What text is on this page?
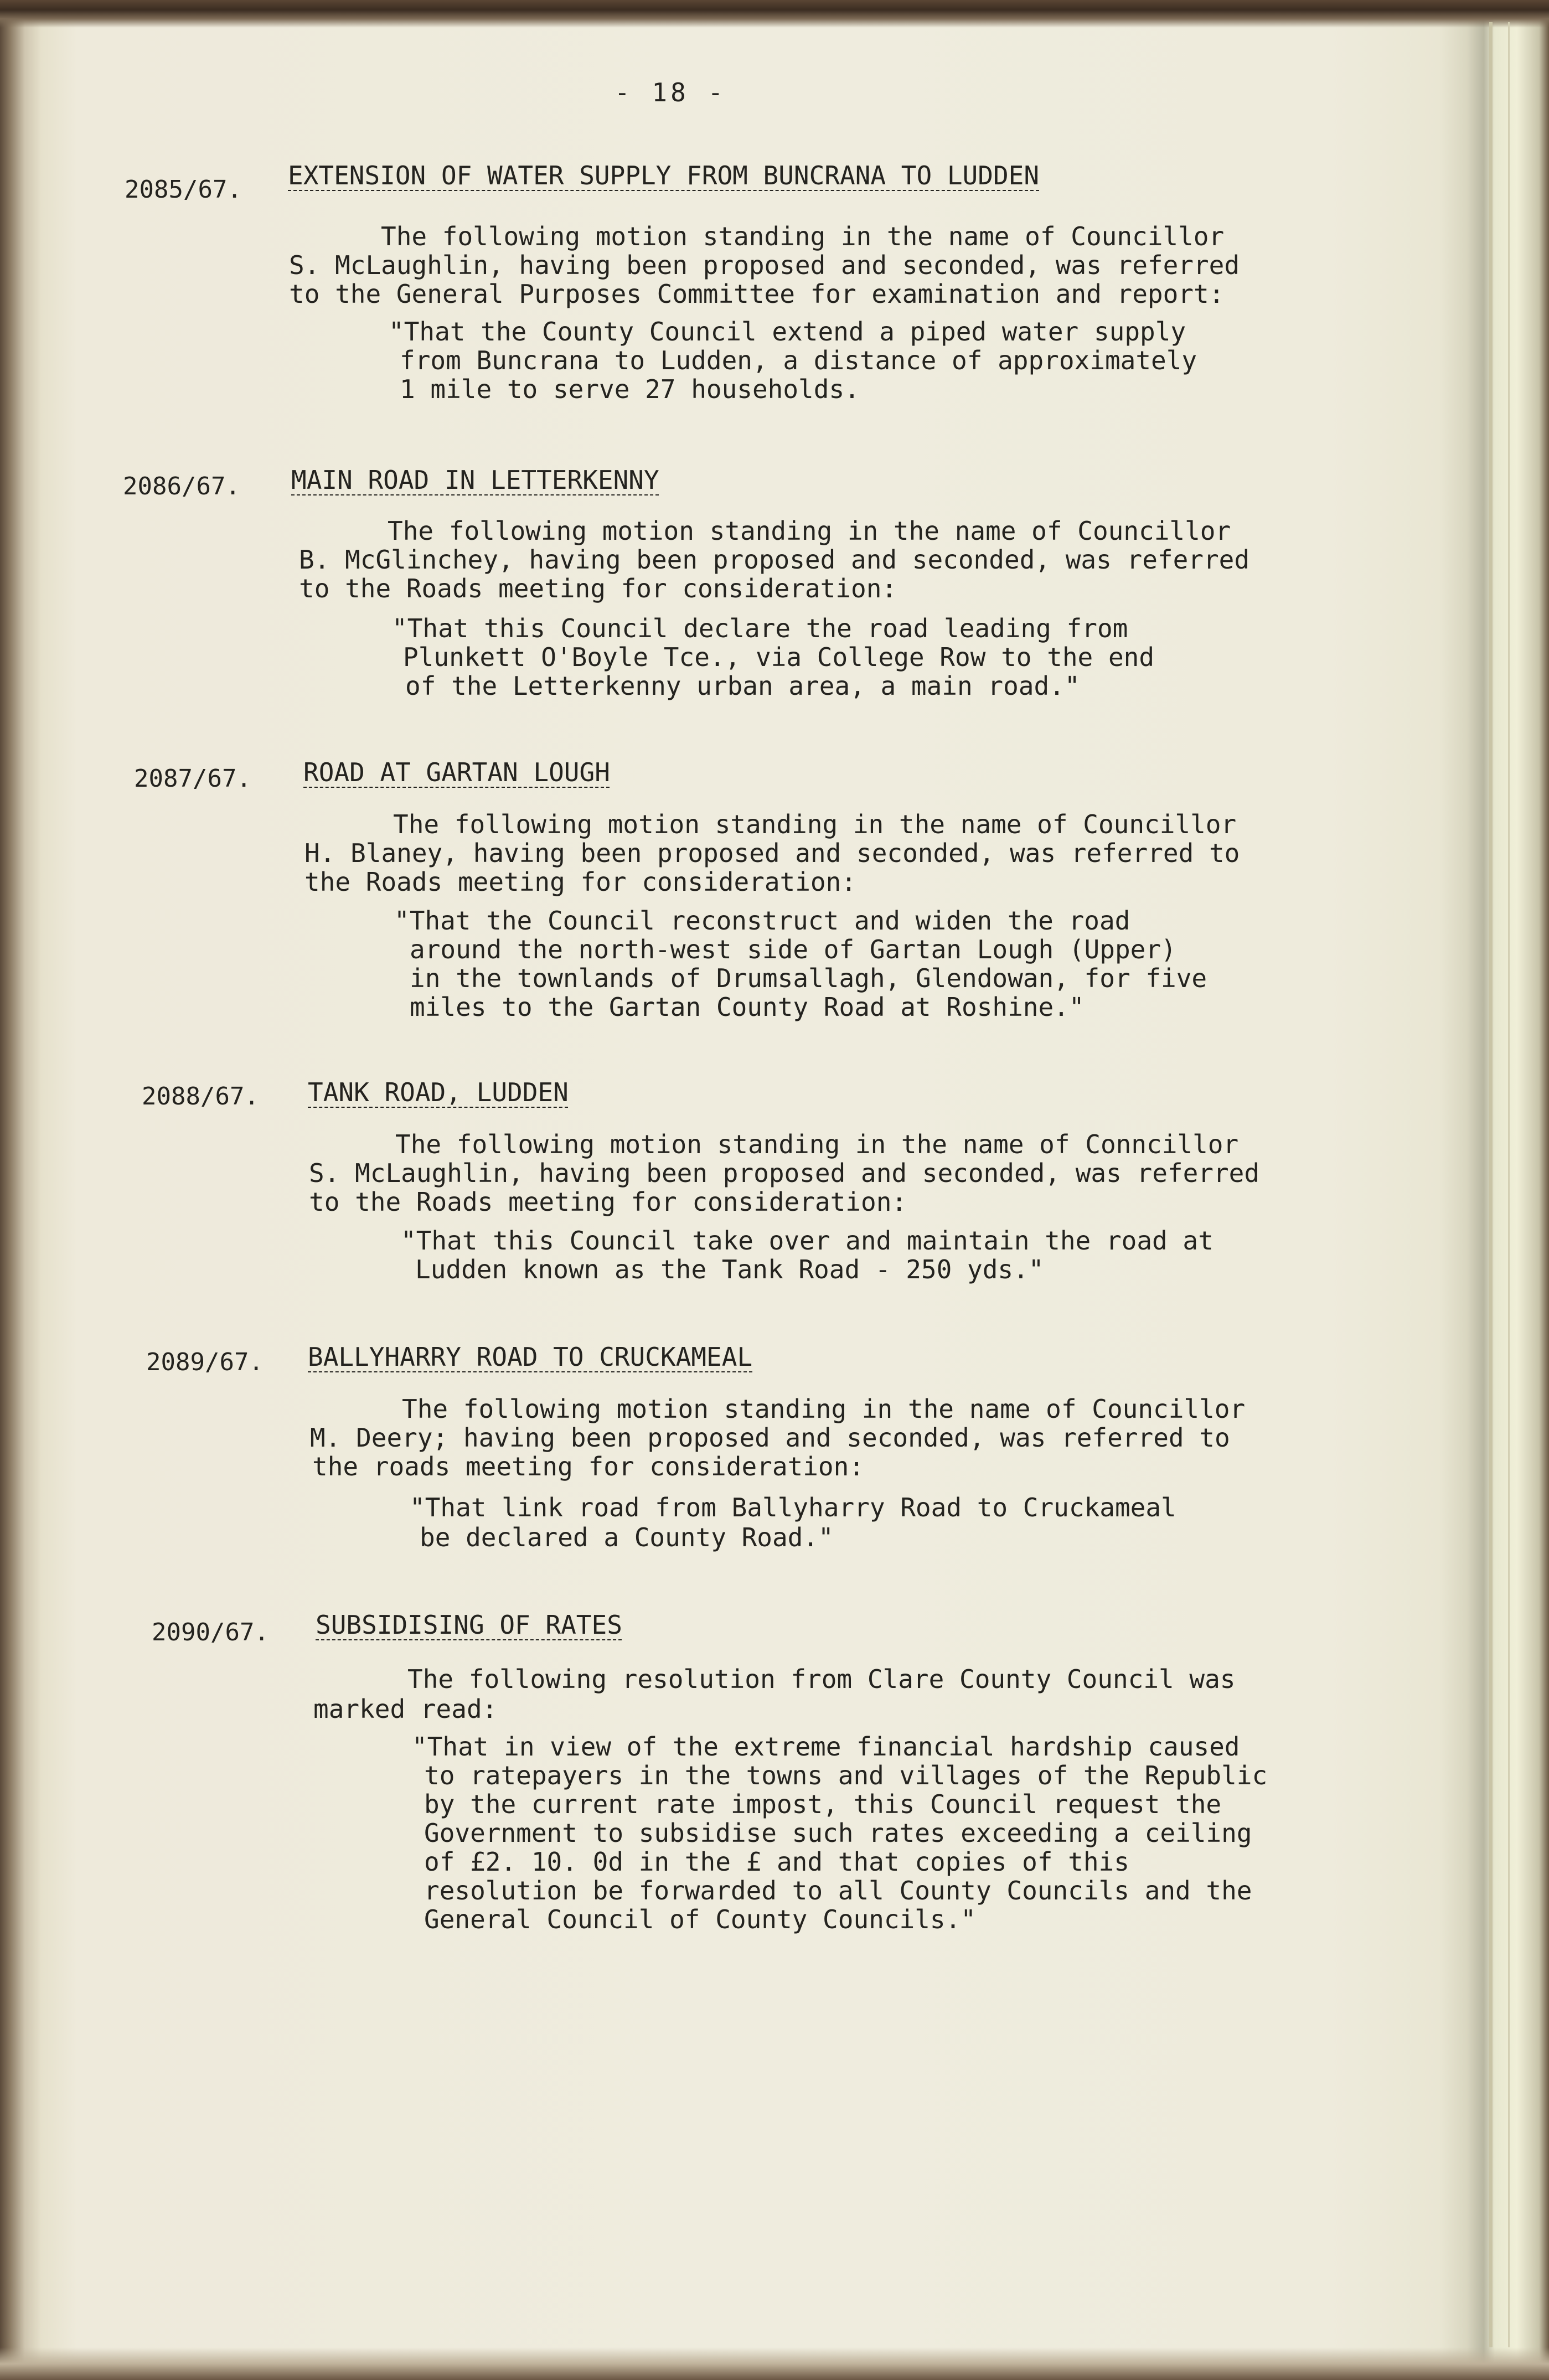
- 18 -

2085/67. EXTENSION OF WATER SUPPLY FROM BUNCRANA TO LUDDEN

The following motion standing in the name of Councillor

S. McLaughlin, having been proposed and seconded, was referred

to the General Purposes Committee for examination and report:

"That the County Council extend a piped water supply

from Buncrana to Ludden, a distance of approximately

1 mile to serve 27 households.

2086/67. MAIN ROAD IN LETTERKENNY

The following motion standing in the name of Councillor

B. McGlinchey, having been proposed and seconded, was referred

to the Roads meeting for consideration:

"That this Council declare the road leading from

Plunkett O'Boyle Tce., via College Row to the end

of the Letterkenny urban area, a main road."

2087/67. ROAD AT GARTAN LOUGH

The following motion standing in the name of Councillor

H. Blaney, having been proposed and seconded, was referred to

the Roads meeting for consideration:

"That the Council reconstruct and widen the road

around the north-west side of Gartan Lough (Upper)

in the townlands of Drumsallagh, Glendowan, for five

miles to the Gartan County Road at Roshine."

2088/67. TANK ROAD, LUDDEN

The following motion standing in the name of Conncillor

S. McLaughlin, having been proposed and seconded, was referred

to the Roads meeting for consideration:

"That this Council take over and maintain the road at

Ludden known as the Tank Road - 250 yds."

2089/67. BALLYHARRY ROAD TO CRUCKAMEAL

The following motion standing in the name of Councillor

M. Deery; having been proposed and seconded, was referred to

the roads meeting for consideration:

"That link road from Ballyharry Road to Cruckameal

be declared a County Road."

2090/67. SUBSIDISING OF RATES

The following resolution from Clare County Council was

marked read:

"That in view of the extreme financial hardship caused

to ratepayers in the towns and villages of the Republic

by the current rate impost, this Council request the

Government to subsidise such rates exceeding a ceiling

of £2. 10. 0d in the £ and that copies of this

resolution be forwarded to all County Councils and the

General Council of County Councils."
